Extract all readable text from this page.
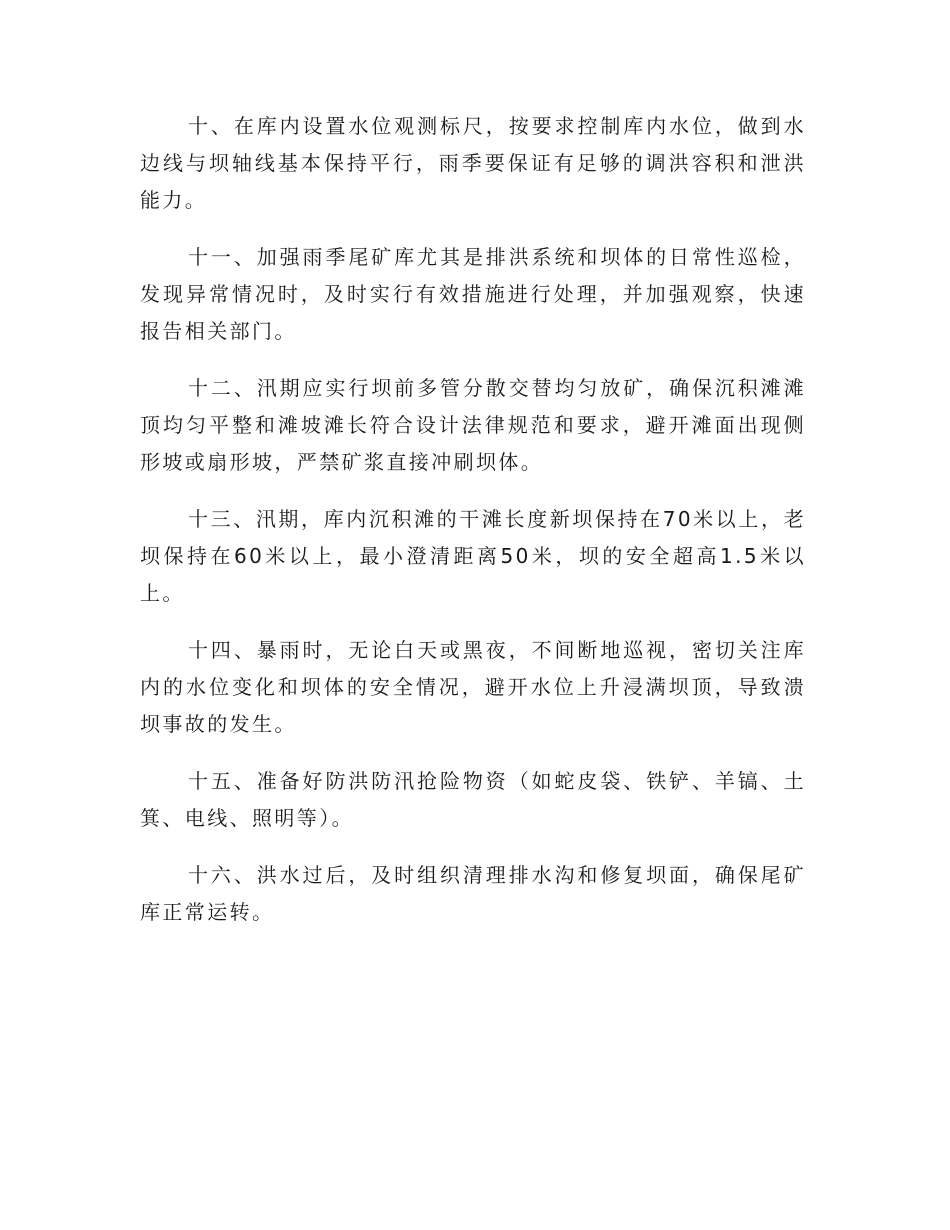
十、在库内设置水位观测标尺，按要求控制库内水位，做到水边线与坝轴线基本保持平行，雨季要保证有足够的调洪容积和泄洪能力。

十一、加强雨季尾矿库尤其是排洪系统和坝体的日常性巡检，发现异常情况时，及时实行有效措施进行处理，并加强观察，快速报告相关部门。

十二、汛期应实行坝前多管分散交替均匀放矿，确保沉积滩滩顶均匀平整和滩坡滩长符合设计法律规范和要求，避开滩面出现侧形坡或扇形坡，严禁矿浆直接冲刷坝体。

十三、汛期，库内沉积滩的干滩长度新坝保持在70米以上，老坝保持在60米以上，最小澄清距离50米，坝的安全超高1.5米以上。

十四、暴雨时，无论白天或黑夜，不间断地巡视，密切关注库内的水位变化和坝体的安全情况，避开水位上升浸满坝顶，导致溃坝事故的发生。

十五、准备好防洪防汛抢险物资（如蛇皮袋、铁铲、羊镐、土箕、电线、照明等）。

十六、洪水过后，及时组织清理排水沟和修复坝面，确保尾矿库正常运转。
